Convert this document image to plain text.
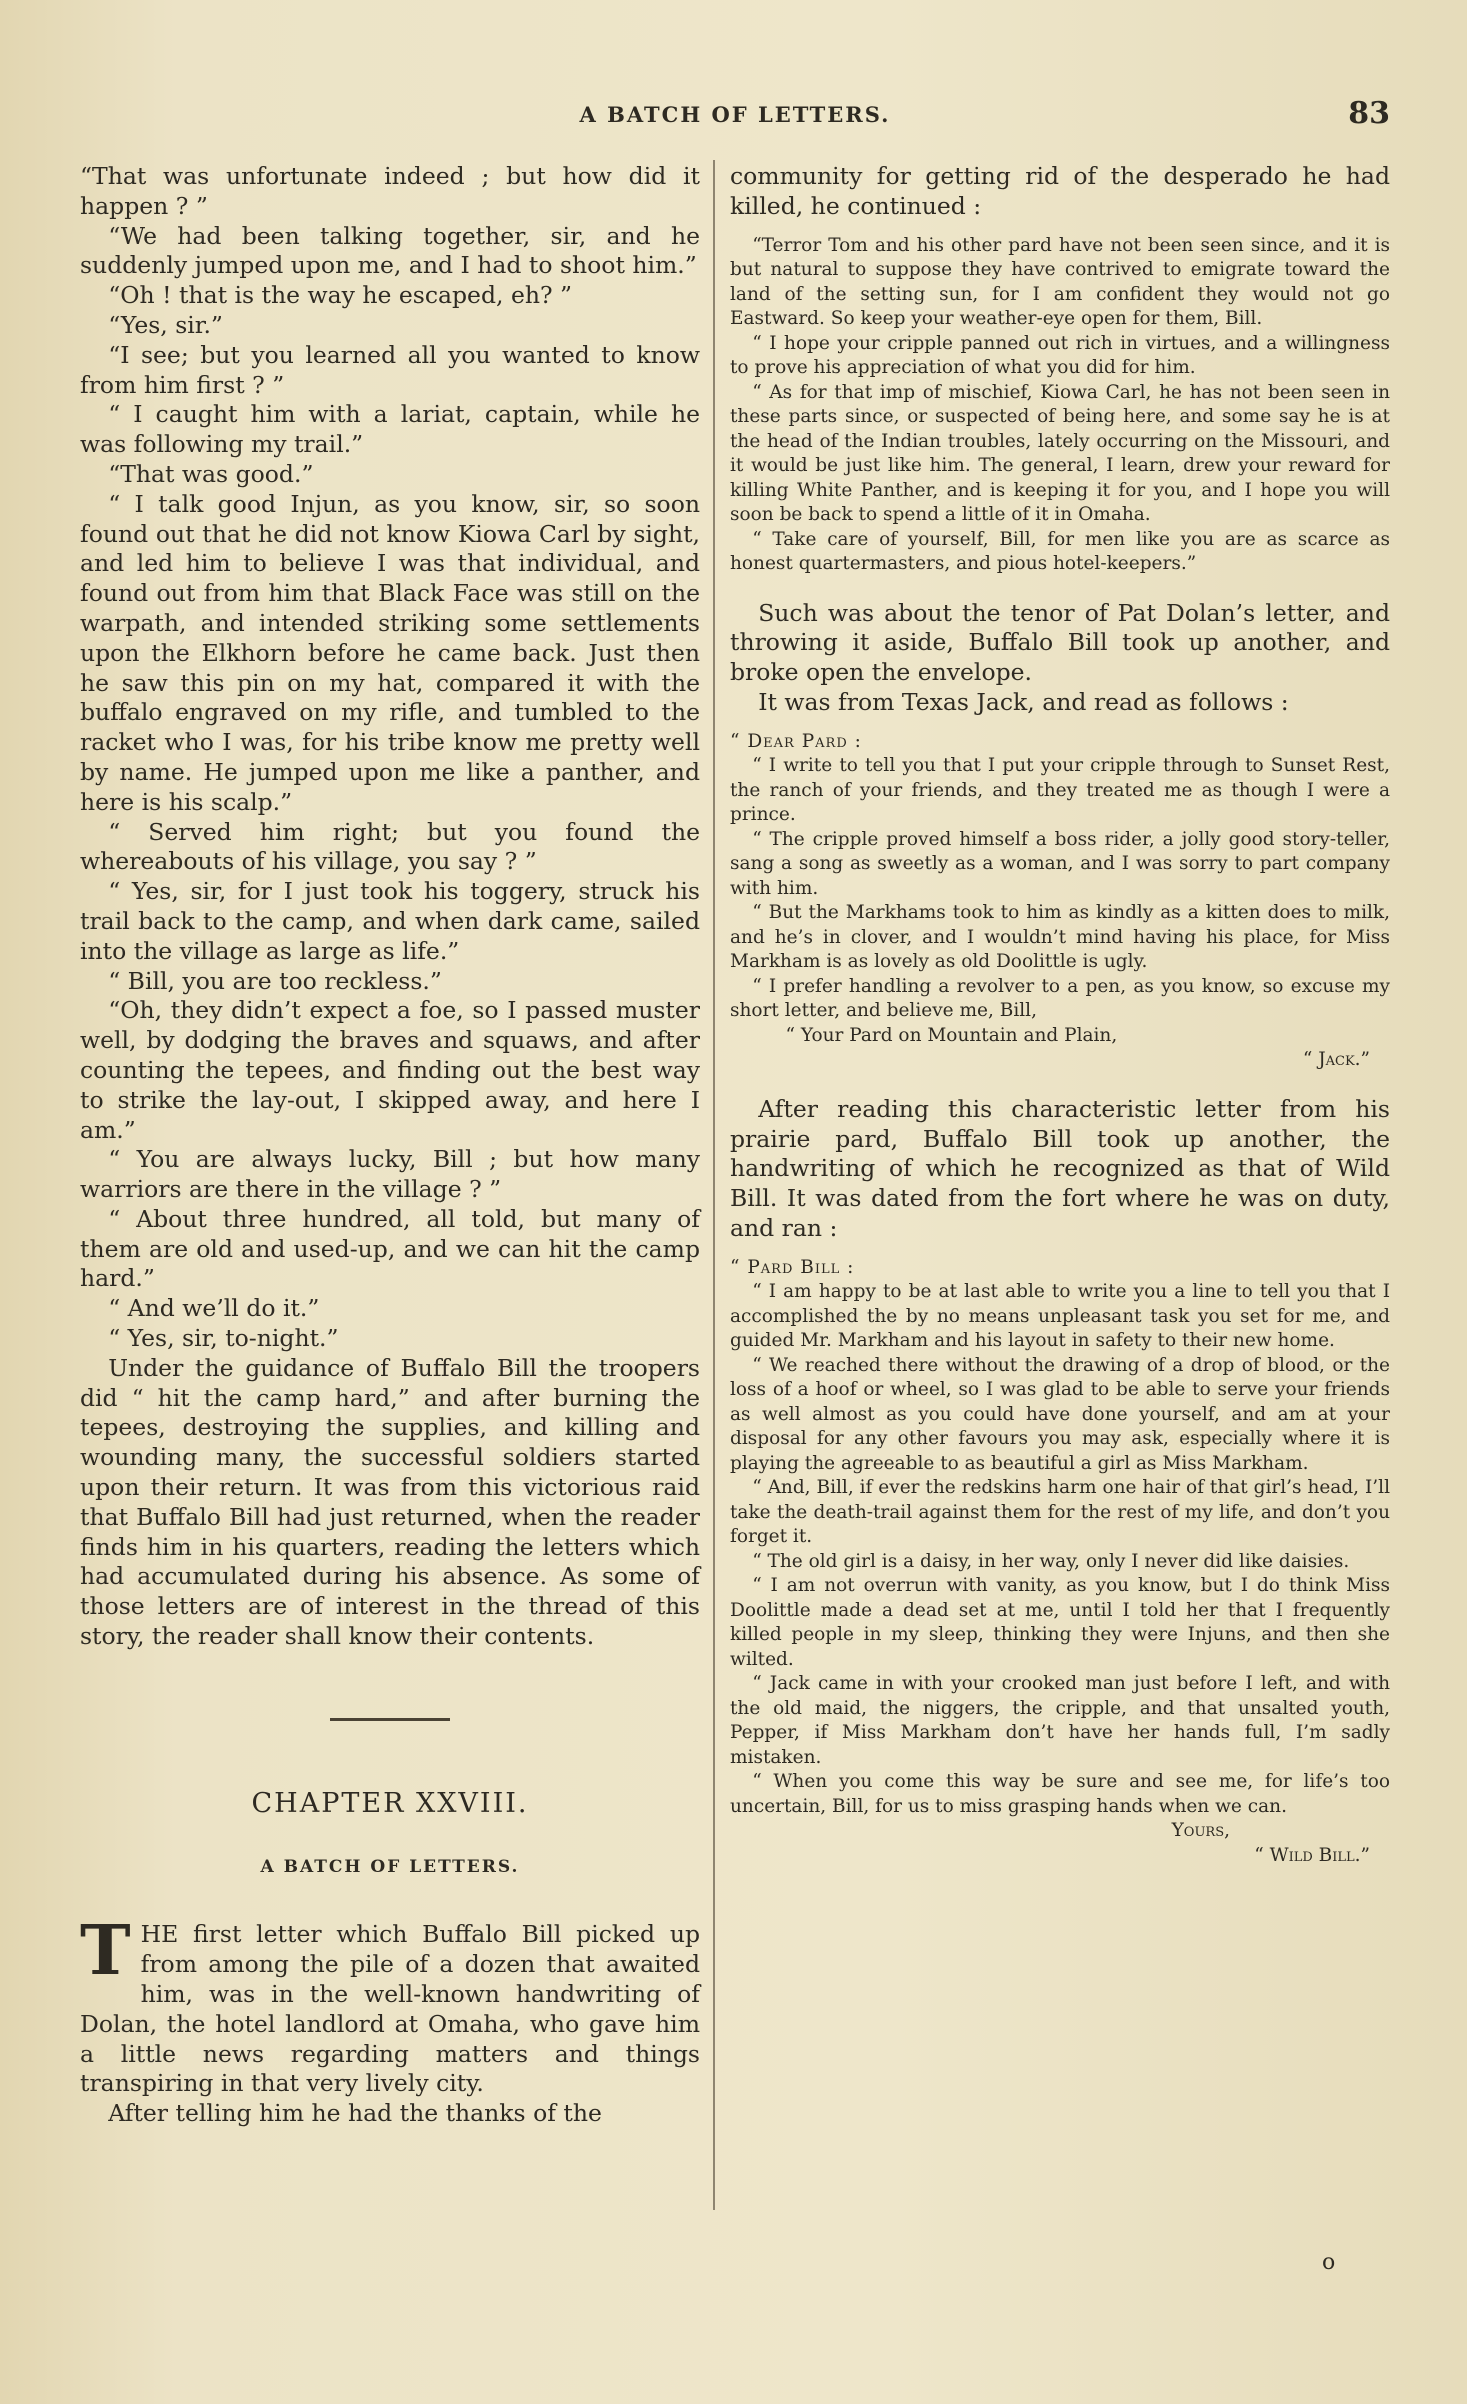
A BATCH OF LETTERS.	83

“That was unfortunate indeed ; but how did it happen ? ”

“We had been talking together, sir, and he suddenly jumped upon me, and I had to shoot him.”

“Oh ! that is the way he escaped, eh? ”

“Yes, sir.”

“I see; but you learned all you wanted to know from him first ? ”

“ I caught him with a lariat, captain, while he was following my trail.”

“That was good.”

“ I talk good Injun, as you know, sir, so soon found out that he did not know Kiowa Carl by sight, and led him to believe I was that individual, and found out from him that Black Face was still on the warpath, and intended striking some settlements upon the Elkhorn before he came back. Just then he saw this pin on my hat, compared it with the buffalo engraved on my rifle, and tumbled to the racket who I was, for his tribe know me pretty well by name. He jumped upon me like a panther, and here is his scalp.”

“ Served him right; but you found the whereabouts of his village, you say ? ”

“ Yes, sir, for I just took his toggery, struck his trail back to the camp, and when dark came, sailed into the village as large as life.”

“ Bill, you are too reckless.”

“Oh, they didn’t expect a foe, so I passed muster well, by dodging the braves and squaws, and after counting the tepees, and finding out the best way to strike the lay-out, I skipped away, and here I am.”

“ You are always lucky, Bill ; but how many warriors are there in the village ? ”

“ About three hundred, all told, but many of them are old and used-up, and we can hit the camp hard.”

“ And we’ll do it.”

“ Yes, sir, to-night.”

Under the guidance of Buffalo Bill the troopers did “ hit the camp hard,” and after burning the tepees, destroying the supplies, and killing and wounding many, the successful soldiers started upon their return. It was from this victorious raid that Buffalo Bill had just returned, when the reader finds him in his quarters, reading the letters which had accumulated during his absence. As some of those letters are of interest in the thread of this story, the reader shall know their contents.

CHAPTER XXVIII.
A BATCH OF LETTERS.

THE first letter which Buffalo Bill picked up from among the pile of a dozen that awaited him, was in the well-known handwriting of Dolan, the hotel landlord at Omaha, who gave him a little news regarding matters and things transpiring in that very lively city.

After telling him he had the thanks of the

community for getting rid of the desperado he had killed, he continued :

“Terror Tom and his other pard have not been seen since, and it is but natural to suppose they have contrived to emigrate toward the land of the setting sun, for I am confident they would not go Eastward. So keep your weather-eye open for them, Bill.

“ I hope your cripple panned out rich in virtues, and a willingness to prove his appreciation of what you did for him.

“ As for that imp of mischief, Kiowa Carl, he has not been seen in these parts since, or suspected of being here, and some say he is at the head of the Indian troubles, lately occurring on the Missouri, and it would be just like him. The general, I learn, drew your reward for killing White Panther, and is keeping it for you, and I hope you will soon be back to spend a little of it in Omaha.

“ Take care of yourself, Bill, for men like you are as scarce as honest quartermasters, and pious hotel-keepers.”

Such was about the tenor of Pat Dolan’s letter, and throwing it aside, Buffalo Bill took up another, and broke open the envelope.

It was from Texas Jack, and read as follows :

“ Dear Pard :

“ I write to tell you that I put your cripple through to Sunset Rest, the ranch of your friends, and they treated me as though I were a prince.

“ The cripple proved himself a boss rider, a jolly good story-teller, sang a song as sweetly as a woman, and I was sorry to part company with him.

“ But the Markhams took to him as kindly as a kitten does to milk, and he’s in clover, and I wouldn’t mind having his place, for Miss Markham is as lovely as old Doolittle is ugly.

“ I prefer handling a revolver to a pen, as you know, so excuse my short letter, and believe me, Bill,

“ Your Pard on Mountain and Plain,

“ Jack.”

After reading this characteristic letter from his prairie pard, Buffalo Bill took up another, the handwriting of which he recognized as that of Wild Bill. It was dated from the fort where he was on duty, and ran :

“ Pard Bill :

“ I am happy to be at last able to write you a line to tell you that I accomplished the by no means unpleasant task you set for me, and guided Mr. Markham and his layout in safety to their new home.

“ We reached there without the drawing of a drop of blood, or the loss of a hoof or wheel, so I was glad to be able to serve your friends as well almost as you could have done yourself, and am at your disposal for any other favours you may ask, especially where it is playing the agreeable to as beautiful a girl as Miss Markham.

“ And, Bill, if ever the redskins harm one hair of that girl’s head, I’ll take the death-trail against them for the rest of my life, and don’t you forget it.

“ The old girl is a daisy, in her way, only I never did like daisies.

“ I am not overrun with vanity, as you know, but I do think Miss Doolittle made a dead set at me, until I told her that I frequently killed people in my sleep, thinking they were Injuns, and then she wilted.

“ Jack came in with your crooked man just before I left, and with the old maid, the niggers, the cripple, and that unsalted youth, Pepper, if Miss Markham don’t have her hands full, I’m sadly mistaken.

“ When you come this way be sure and see me, for life’s too uncertain, Bill, for us to miss grasping hands when we can.

Yours,

“ Wild Bill.”

o
